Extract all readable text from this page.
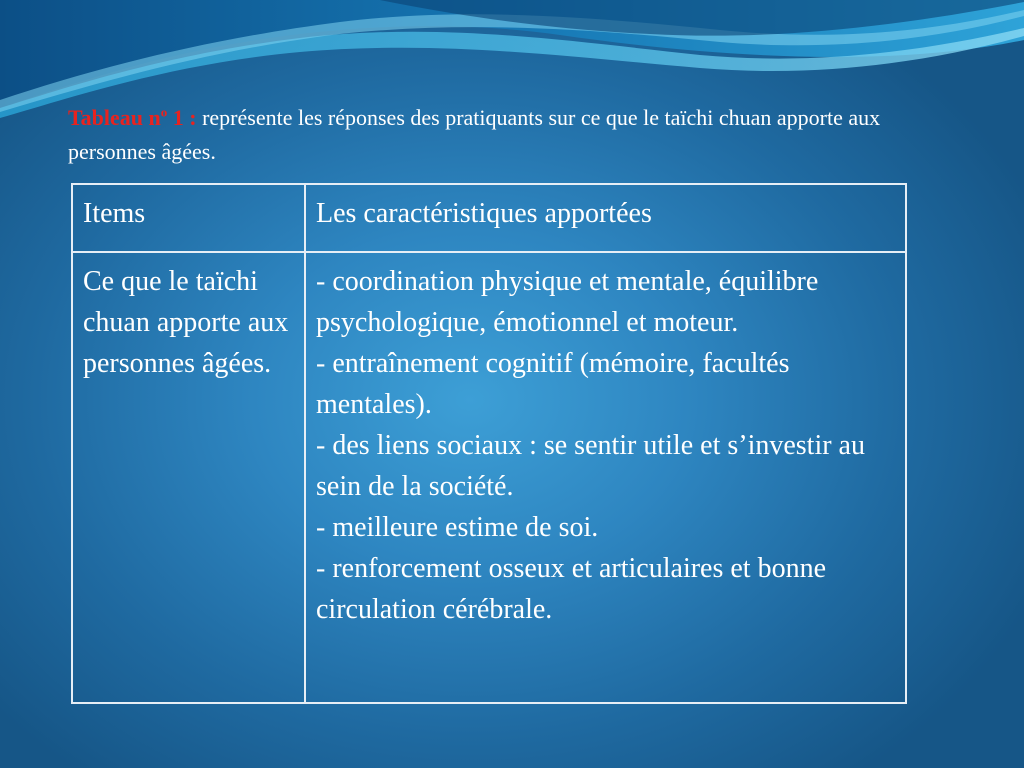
Tableau $n^o$ 1 : représente les réponses des pratiquants sur ce que le taïchi chuan apporte aux personnes âgées.
Items	Les caractéristiques apportées
Ce que le taïchi chuan apporte aux personnes âgées.	- coordination physique et mentale, équilibre psychologique, émotionnel et moteur.
- entraînement cognitif (mémoire, facultés mentales).
- des liens sociaux : se sentir utile et s’investir au sein de la société.
- meilleure estime de soi.
- renforcement osseux et articulaires et bonne circulation cérébrale.
